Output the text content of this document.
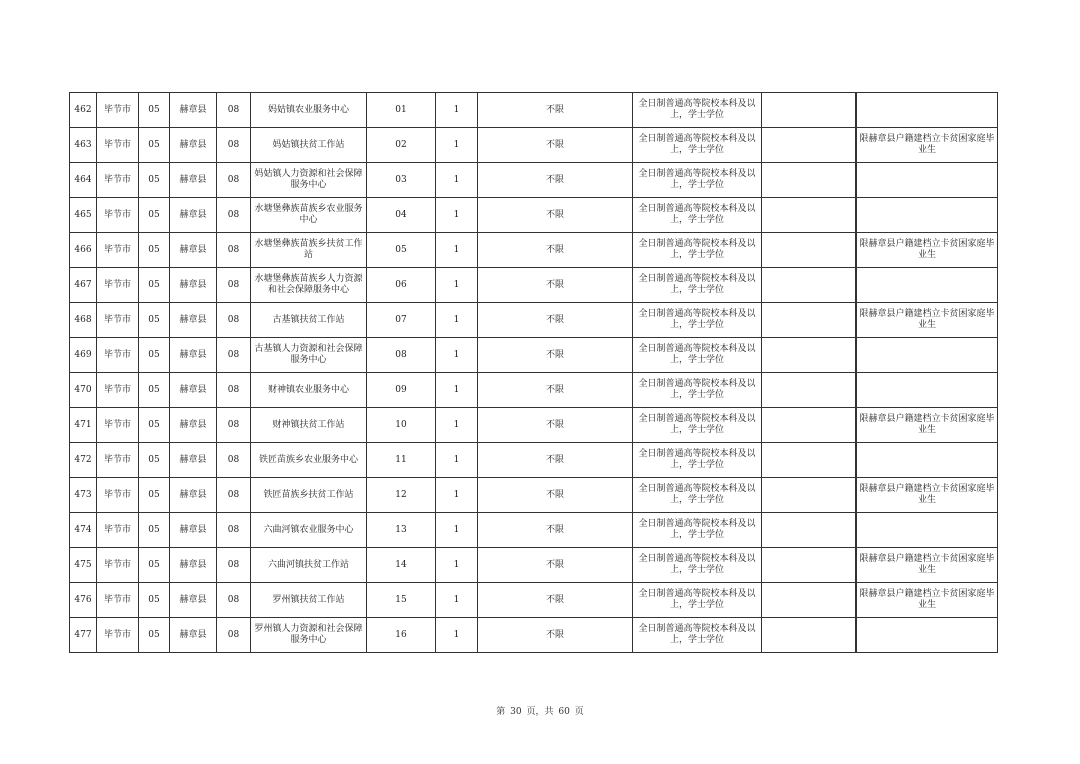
462	毕节市	05	赫章县	08	妈姑镇农业服务中心	01	1	不限	全日制普通高等院校本科及以上，学士学位			
463	毕节市	05	赫章县	08	妈姑镇扶贫工作站	02	1	不限	全日制普通高等院校本科及以上，学士学位			限赫章县户籍建档立卡贫困家庭毕业生
464	毕节市	05	赫章县	08	妈姑镇人力资源和社会保障服务中心	03	1	不限	全日制普通高等院校本科及以上，学士学位			
465	毕节市	05	赫章县	08	水塘堡彝族苗族乡农业服务中心	04	1	不限	全日制普通高等院校本科及以上，学士学位			
466	毕节市	05	赫章县	08	水塘堡彝族苗族乡扶贫工作站	05	1	不限	全日制普通高等院校本科及以上，学士学位			限赫章县户籍建档立卡贫困家庭毕业生
467	毕节市	05	赫章县	08	水塘堡彝族苗族乡人力资源和社会保障服务中心	06	1	不限	全日制普通高等院校本科及以上，学士学位			
468	毕节市	05	赫章县	08	古基镇扶贫工作站	07	1	不限	全日制普通高等院校本科及以上，学士学位			限赫章县户籍建档立卡贫困家庭毕业生
469	毕节市	05	赫章县	08	古基镇人力资源和社会保障服务中心	08	1	不限	全日制普通高等院校本科及以上，学士学位			
470	毕节市	05	赫章县	08	财神镇农业服务中心	09	1	不限	全日制普通高等院校本科及以上，学士学位			
471	毕节市	05	赫章县	08	财神镇扶贫工作站	10	1	不限	全日制普通高等院校本科及以上，学士学位			限赫章县户籍建档立卡贫困家庭毕业生
472	毕节市	05	赫章县	08	铁匠苗族乡农业服务中心	11	1	不限	全日制普通高等院校本科及以上，学士学位			
473	毕节市	05	赫章县	08	铁匠苗族乡扶贫工作站	12	1	不限	全日制普通高等院校本科及以上，学士学位			限赫章县户籍建档立卡贫困家庭毕业生
474	毕节市	05	赫章县	08	六曲河镇农业服务中心	13	1	不限	全日制普通高等院校本科及以上，学士学位			
475	毕节市	05	赫章县	08	六曲河镇扶贫工作站	14	1	不限	全日制普通高等院校本科及以上，学士学位			限赫章县户籍建档立卡贫困家庭毕业生
476	毕节市	05	赫章县	08	罗州镇扶贫工作站	15	1	不限	全日制普通高等院校本科及以上，学士学位			限赫章县户籍建档立卡贫困家庭毕业生
477	毕节市	05	赫章县	08	罗州镇人力资源和社会保障服务中心	16	1	不限	全日制普通高等院校本科及以上，学士学位			
第 30 页，共 60 页
